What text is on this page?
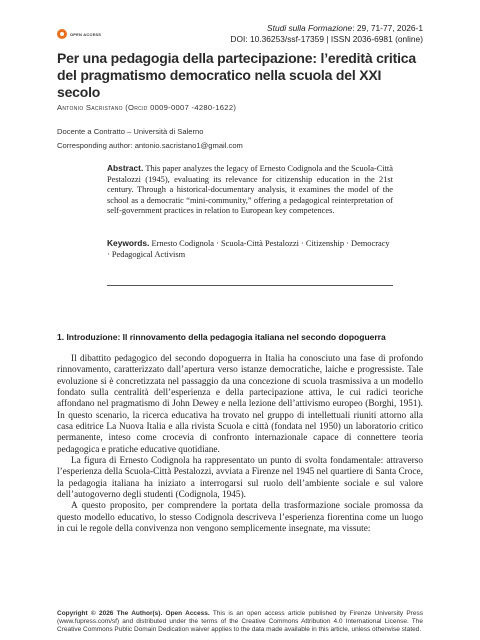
OPEN ACCESS
Studi sulla Formazione: 29, 71-77, 2026-1
DOI: 10.36253/ssf-17359 | ISSN 2036-6981 (online)
Per una pedagogia della partecipazione: l’eredità critica del pragmatismo democratico nella scuola del XXI secolo
Antonio Sacristano (Orcid 0009-0007 -4280-1622)
Docente a Contratto – Università di Salerno
Corresponding author: antonio.sacristano1@gmail.com
Abstract. This paper analyzes the legacy of Ernesto Codignola and the Scuola-Città Pestalozzi (1945), evaluating its relevance for citizenship education in the 21st century. Through a historical-documentary analysis, it examines the model of the school as a democratic “mini-community,” offering a pedagogical reinterpretation of self-government practices in relation to European key competences.
Keywords. Ernesto Codignola · Scuola-Città Pestalozzi · Citizenship · Democracy · Pedagogical Activism
1. Introduzione: Il rinnovamento della pedagogia italiana nel secondo dopoguerra

Il dibattito pedagogico del secondo dopoguerra in Italia ha conosciuto una fase di profondo rinnovamento, caratterizzato dall’apertura verso istanze democratiche, laiche e progressiste. Tale evoluzione si è concretizzata nel passaggio da una concezione di scuola trasmissiva a un modello fondato sulla centralità dell’esperienza e della partecipazione attiva, le cui radici teoriche affondano nel pragmatismo di John Dewey e nella lezione dell’attivismo europeo (Borghi, 1951). In questo scenario, la ricerca educativa ha trovato nel gruppo di intellettuali riuniti attorno alla casa editrice La Nuova Italia e alla rivista Scuola e città (fondata nel 1950) un laboratorio critico permanente, inteso come crocevia di confronto internazionale capace di connettere teoria pedagogica e pratiche educative quotidiane.

La figura di Ernesto Codignola ha rappresentato un punto di svolta fondamentale: attraverso l’esperienza della Scuola-Città Pestalozzi, avviata a Firenze nel 1945 nel quartiere di Santa Croce, la pedagogia italiana ha iniziato a interrogarsi sul ruolo dell’ambiente sociale e sul valore dell’autogoverno degli studenti (Codignola, 1945).

A questo proposito, per comprendere la portata della trasformazione sociale promossa da questo modello educativo, lo stesso Codignola descriveva l’esperienza fiorentina come un luogo in cui le regole della convivenza non vengono semplicemente insegnate, ma vissute:

Copyright © 2026 The Author(s). Open Access. This is an open access article published by Firenze University Press (www.fupress.com/sf) and distributed under the terms of the Creative Commons Attribution 4.0 International License. The Creative Commons Public Domain Dedication waiver applies to the data made available in this article, unless otherwise stated.
